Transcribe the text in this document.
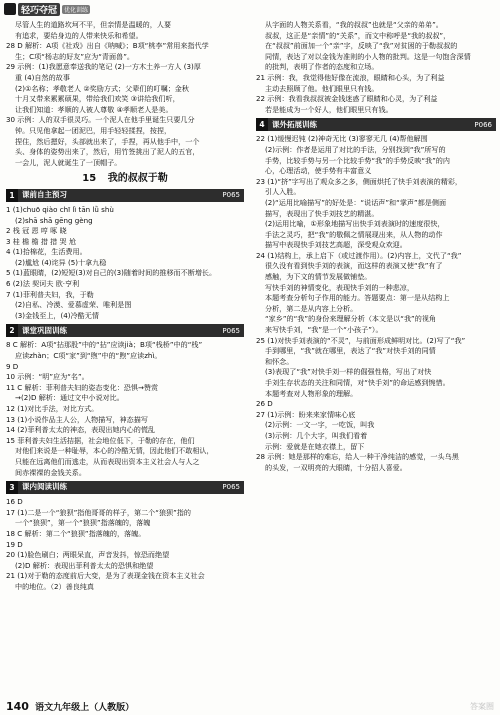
轻巧夺冠	优化训练

尽管人生的道路坎坷不平，但亲情是温暖的，人要

有追求，要给身边的人带来快乐和希望。

28 D 解析：A项《社戏》出自《呐喊》；B项“桃李”常用来指代学

生；C项“杨志的好友”应为“青面兽”。

29 示例：(1)我愿意奉送我的笔记 (2)一方木土养一方人 (3)厚

重 (4)自然的故事

(2)①名称；孝敬老人 ②奖励方式；父辈们的叮嘱；金秋

十月又带来累累硕果，带给我们欢笑 ③讲给我们听，

让我们知道：孝顺的人被人尊敬 ④孝顺老人是美。

30 示例：人的双手很灵巧。一个泥人在他手里诞生只要几分

钟。只见他拿起一团泥巴，用手轻轻揉捏，按捏，

捏住，然后摁好，头部就出来了，手捏，再从他手中，一个

头、身体的姿势出来了，然后，用竹签挑出了泥人的五官，

一会儿，泥人就诞生了一顶帽子。

15 我的叔叔于勒
1 课前自主预习	P065

1 (1)chuō qiào chī lì tān lǜ shù

(2)shā shā gēng gèng

2 栈 冠 恩 哼 啄 晓

3 桂 檐 檐 措 措 哭 尬

4 (1)拾棉花，生活费用。

(2)尴尬 (4)诧异 (5)十拿九稳

5 (1)蓝眼睛，(2)短短(3)对自己的(3)随着时间的推移而不断增长。

6 (2)法 契诃夫 欧·亨利

7 (1)菲利普夫妇，我，于勒

(2)自私、冷漠、爱慕虚荣、唯利是图

(3)金钱至上，(4)冷酷无情

2 课堂巩固训练	P065

8 C 解析：A项“拈那股”中的“拈”应读jià；B项“栈桥”中的“栈”

应读zhàn；C项“家”到“煦”中的“煦”应读zhì。

9 D

10 示例：“明”应为“名”。

11 C 解析：菲利普夫妇的姿态变化：恐惧→赞赏

→(2)D 解析：通过文中小说对比。

12 (1)对比手法，对比方式。

13 (1)小说作品主人公，人物描写，神态描写

14 (2)菲利普太太的神态，表现出她内心的慌乱

15 菲利普夫妇生活拮据，社会地位低下，于勒的存在，他们

对他们来说是一种耻辱，本心的冷酷无情，因此他们不敢相认，

只能在远离他们而逃走，从而表现出资本主义社会人与人之

间赤裸裸的金钱关系。

3 课内阅读训练	P065

16 D

17 (1)二是一个“狼狈”指他哥哥的样子，第二个“狼狈”指的

一个“狼狈”，第一个“狼狈”指落魄的，落魄

18 C 解析：第二个“狼狈”指落魄的，落魄。

19 D

20 (1)脸色刷白；两眼呆直，声音发抖，惊恐而绝望

(2)D 解析：表现出菲利普太太的恐惧和绝望

21 (1)对于勒的态度前后大变，是为了表现金钱在资本主义社会

中的地位。（2）善良纯真

从字面的人物关系看，“我的叔叔”也就是“父亲的弟弟”。

叔叔，这正是“亲情”的“关系”，而文中称呼是“我的叔叔”，

在“叔叔”前面加一个“亲”字，反映了“我”对贫困的于勒叔叔的

同情，表达了对以金钱为准则的小人物的批判。这是一句饱含深情

的批判，表明了作者的态度和立场。

21 示例：我，我觉得他好像在流浪，眼睛和心头，为了利益

主动去照顾了他。他们眼里只有钱。

22 示例：我看我叔叔被金钱迷惑了眼睛和心灵，为了利益

若是能成为一个好人，他们眼里只有钱。

4 课外拓展训练	P066

22 (1)缓慢迟钝 (2)神奇无比 (3)寥寥无几 (4)帮他解围

(2)示例：作者是运用了对比的手法，分别找到“我”所写的

手势，比较手势与另一个比较手势“我”的手势反映“我”的内

心，心理活动，使手势有丰富意义

23 (1)“挤”字写出了观众多之多，侧面烘托了快手刘表演的精彩，

引人入胜。

(2)“运用比喻描写”的好处是：“说话声”和“掌声”都是侧面

描写，表现出了快手刘技艺的精湛。

(2)运用比喻，①形象地描写出快手刘表演时的速度很快，

手法之灵巧，把“我”的敬佩之情展现出来，从人物的动作

描写中表现快手刘技艺高超，深受观众欢迎。

24 (1)结构上，承上启下（或过渡作用）。(2)内容上，文代了“我”

很久没有看到快手刘的表演，而这样的表演又使“我”有了

感触，为下文的情节发展做铺垫。

写快手刘的神情变化，表现快手刘的一种悲凉，

本题考查分析句子作用的能力。答题要点：第一是从结构上

分析，第二是从内容上分析。

“家乡”的“我”的身份来理解分析（本文是以“我”的视角

来写快手刘，“我”是一个“小孩子”）。

25 (1)对快手刘表演的“不灵”，与前面形成鲜明对比。(2)写了“我”

手到哪里，“我”就在哪里，表达了“我”对快手刘的同情

和怀念。

(3)表现了“我”对快手刘一样的倔强性格，写出了对快

手刘生存状态的关注和同情，对“快手刘”的命运感到惋惜。

本题考查对人物形象的理解。

26 D

27 (1)示例：盼来来家情味心底

(2)示例：一文一字，一吃饭，叫我

(3)示例：几个大字，叫我们看着

示例：爱就是在她衣襟上，留下

28 示例：她是那样的难忘，给人一种干净纯洁的感觉，一头乌黑

的头发，一双明亮的大眼睛，十分招人喜爱。

140 语文九年级上（人教版）	答案圈
